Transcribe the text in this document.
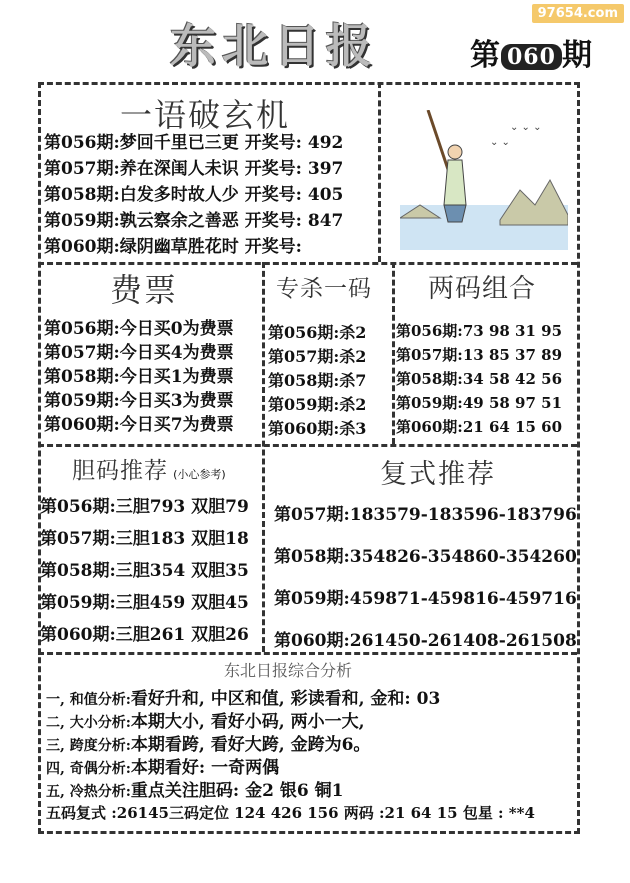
97654.com
东北日报	第 060 期
一语破玄机
第056期:梦回千里已三更 开奖号: 492
第057期:养在深闺人未识 开奖号: 397
第058期:白发多时故人少 开奖号: 405
第059期:孰云察余之善恶 开奖号: 847
第060期:绿阴幽草胜花时 开奖号:
⌄ ⌄ ⌄
⌄ ⌄
费票
第056期:今日买0为费票
第057期:今日买4为费票
第058期:今日买1为费票
第059期:今日买3为费票
第060期:今日买7为费票
专杀一码
第056期:杀2
第057期:杀2
第058期:杀7
第059期:杀2
第060期:杀3
两码组合
第056期:73 98 31 95
第057期:13 85 37 89
第058期:34 58 42 56
第059期:49 58 97 51
第060期:21 64 15 60
胆码推荐 (小心参考)
第056期:三胆793 双胆79
第057期:三胆183 双胆18
第058期:三胆354 双胆35
第059期:三胆459 双胆45
第060期:三胆261 双胆26
复式推荐
第057期:183579-183596-183796
第058期:354826-354860-354260
第059期:459871-459816-459716
第060期:261450-261408-261508
东北日报综合分析
一, 和值分析:看好升和, 中区和值, 彩读看和, 金和: 03
二, 大小分析:本期大小, 看好小码, 两小一大,
三, 跨度分析:本期看跨, 看好大跨, 金跨为6。
四, 奇偶分析:本期看好: 一奇两偶
五, 冷热分析:重点关注胆码: 金2 银6 铜1
五码复式 :26145三码定位 124 426 156 两码 :21 64 15 包星 : **4
